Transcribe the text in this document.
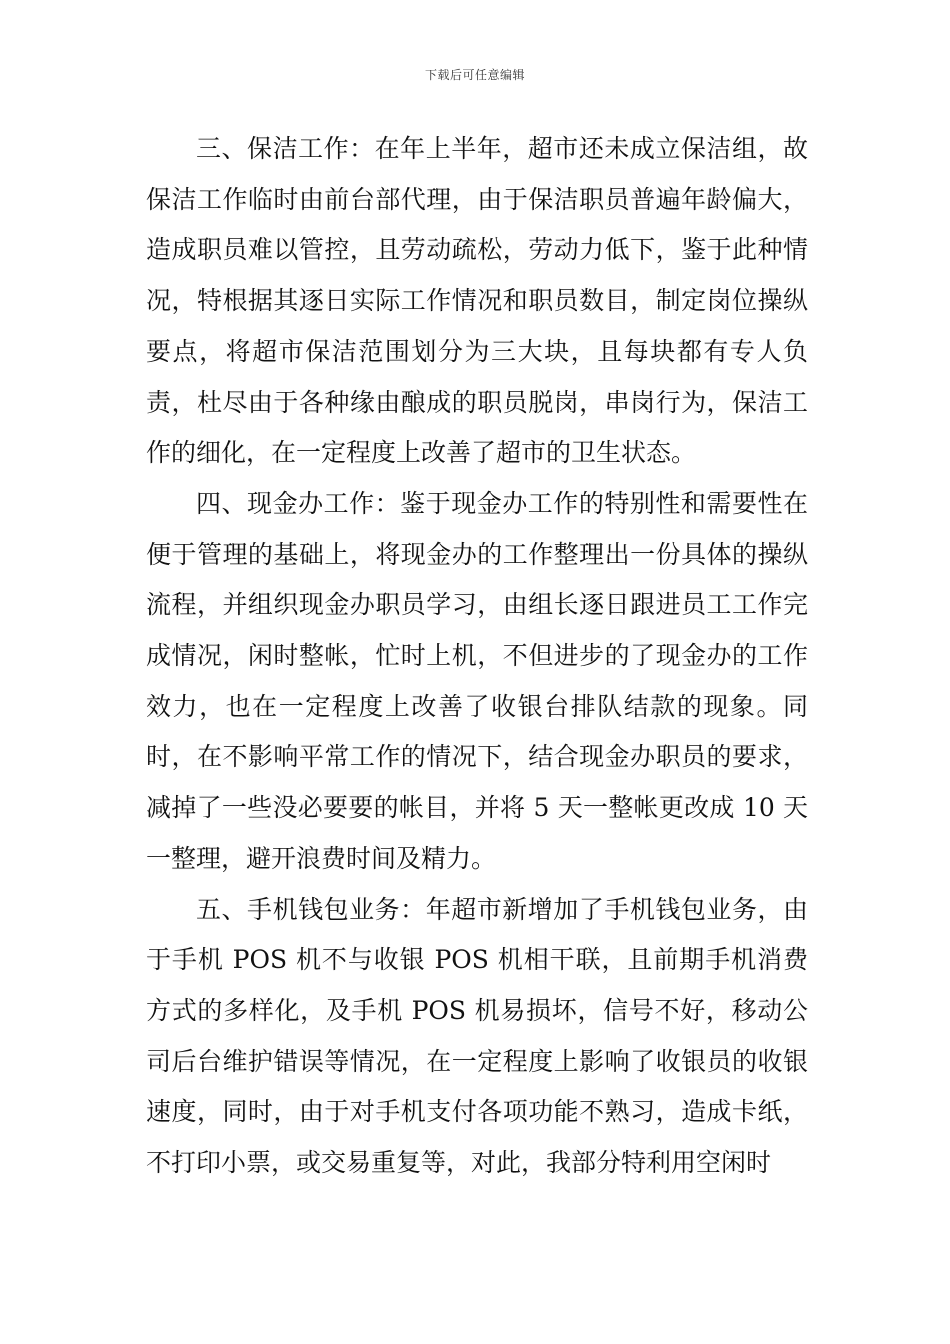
下载后可任意编辑

三、保洁工作：在年上半年，超市还未成立保洁组，故保洁工作临时由前台部代理，由于保洁职员普遍年龄偏大，造成职员难以管控，且劳动疏松，劳动力低下，鉴于此种情况，特根据其逐日实际工作情况和职员数目，制定岗位操纵要点，将超市保洁范围划分为三大块，且每块都有专人负责，杜尽由于各种缘由酿成的职员脱岗，串岗行为，保洁工作的细化，在一定程度上改善了超市的卫生状态。

四、现金办工作：鉴于现金办工作的特别性和需要性在便于管理的基础上，将现金办的工作整理出一份具体的操纵流程，并组织现金办职员学习，由组长逐日跟进员工工作完成情况，闲时整帐，忙时上机，不但进步的了现金办的工作效力，也在一定程度上改善了收银台排队结款的现象。同时，在不影响平常工作的情况下，结合现金办职员的要求，减掉了一些没必要要的帐目，并将 5 天一整帐更改成 10 天一整理，避开浪费时间及精力。

五、手机钱包业务：年超市新增加了手机钱包业务，由于手机 POS 机不与收银 POS 机相干联，且前期手机消费方式的多样化，及手机 POS 机易损坏，信号不好，移动公司后台维护错误等情况，在一定程度上影响了收银员的收银速度，同时，由于对手机支付各项功能不熟习，造成卡纸，不打印小票，或交易重复等，对此，我部分特利用空闲时
